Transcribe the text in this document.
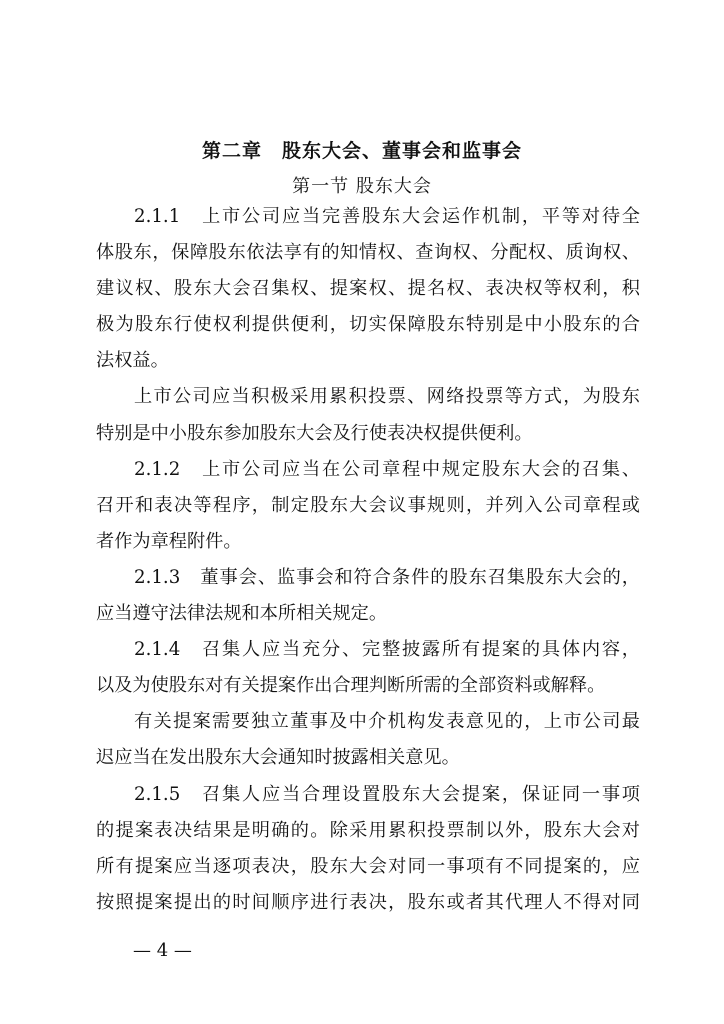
第二章　股东大会、董事会和监事会
第一节 股东大会
2.1.1　上市公司应当完善股东大会运作机制，平等对待全
体股东，保障股东依法享有的知情权、查询权、分配权、质询权、
建议权、股东大会召集权、提案权、提名权、表决权等权利，积
极为股东行使权利提供便利，切实保障股东特别是中小股东的合
法权益。
上市公司应当积极采用累积投票、网络投票等方式，为股东
特别是中小股东参加股东大会及行使表决权提供便利。
2.1.2　上市公司应当在公司章程中规定股东大会的召集、
召开和表决等程序，制定股东大会议事规则，并列入公司章程或
者作为章程附件。
2.1.3　董事会、监事会和符合条件的股东召集股东大会的，
应当遵守法律法规和本所相关规定。
2.1.4　召集人应当充分、完整披露所有提案的具体内容，
以及为使股东对有关提案作出合理判断所需的全部资料或解释。
有关提案需要独立董事及中介机构发表意见的，上市公司最
迟应当在发出股东大会通知时披露相关意见。
2.1.5　召集人应当合理设置股东大会提案，保证同一事项
的提案表决结果是明确的。除采用累积投票制以外，股东大会对
所有提案应当逐项表决，股东大会对同一事项有不同提案的，应
按照提案提出的时间顺序进行表决，股东或者其代理人不得对同
— 4 —
